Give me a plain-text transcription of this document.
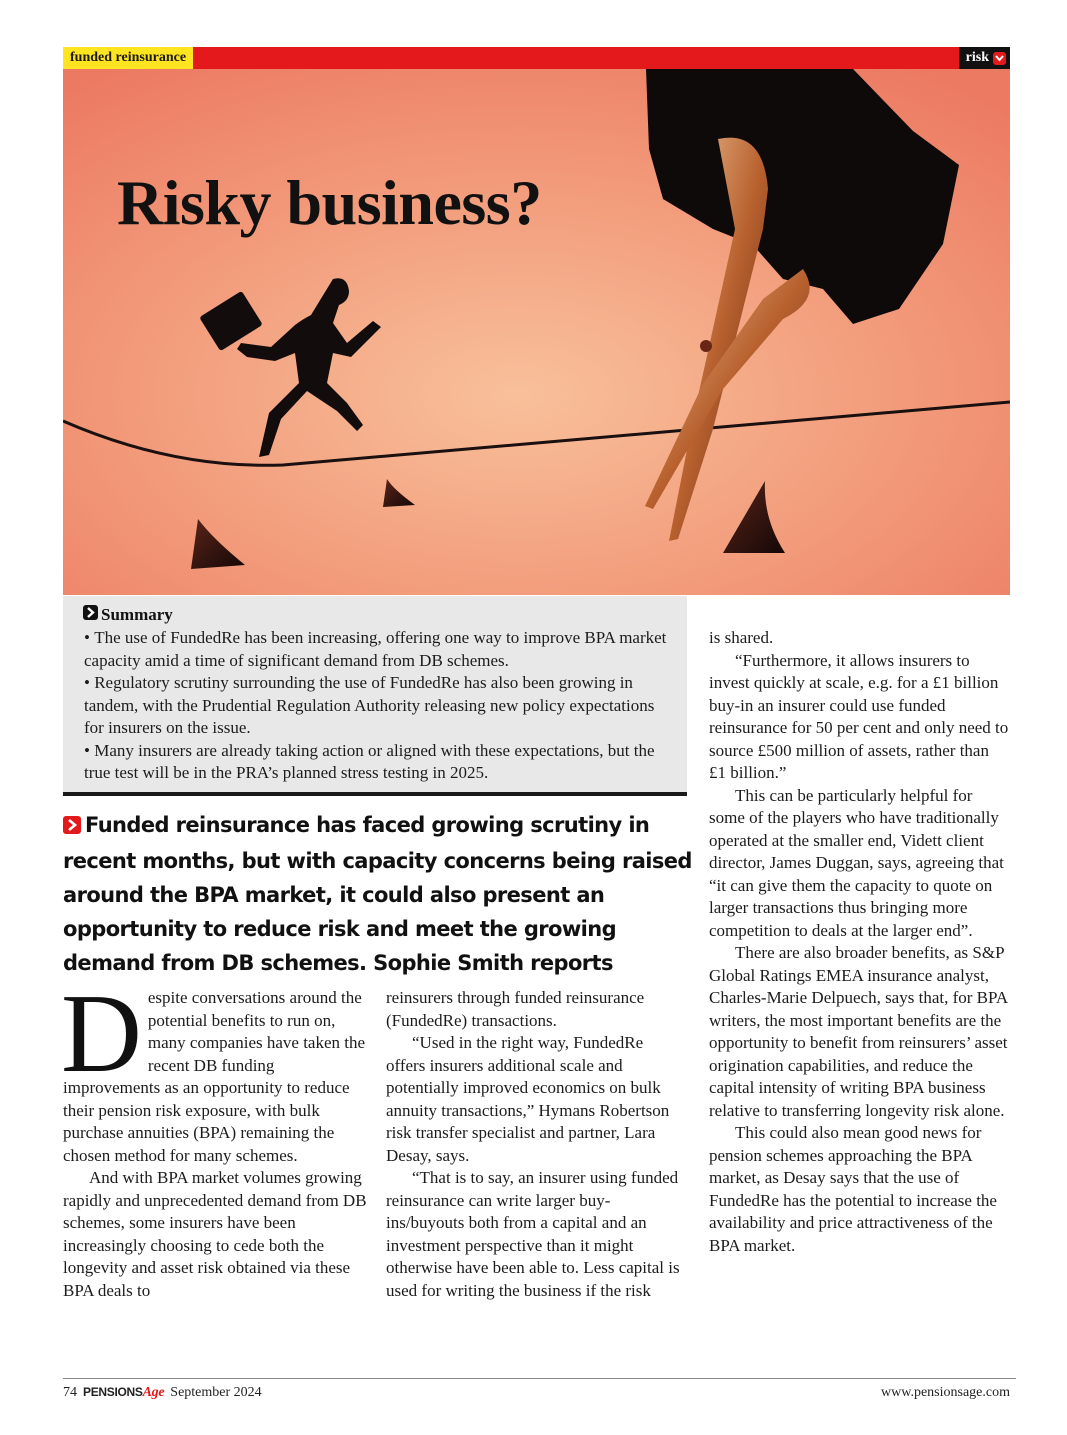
funded reinsurance	risk
Risky business?
Summary
• The use of FundedRe has been increasing, offering one way to improve BPA market capacity amid a time of significant demand from DB schemes.
• Regulatory scrutiny surrounding the use of FundedRe has also been growing in tandem, with the Prudential Regulation Authority releasing new policy expectations for insurers on the issue.
• Many insurers are already taking action or aligned with these expectations, but the true test will be in the PRA’s planned stress testing in 2025.

Funded reinsurance has faced growing scrutiny in recent months, but with capacity concerns being raised around the BPA market, it could also present an opportunity to reduce risk and meet the growing demand from DB schemes. Sophie Smith reports

D espite conversations around the potential benefits to run on, many companies have taken the recent DB funding improvements as an opportunity to reduce their pension risk exposure, with bulk purchase annuities (BPA) remaining the chosen method for many schemes.

And with BPA market volumes growing rapidly and unprecedented demand from DB schemes, some insurers have been increasingly choosing to cede both the longevity and asset risk obtained via these BPA deals to

reinsurers through funded reinsurance (FundedRe) transactions.

“Used in the right way, FundedRe offers insurers additional scale and potentially improved economics on bulk annuity transactions,” Hymans Robertson risk transfer specialist and partner, Lara Desay, says.

“That is to say, an insurer using funded reinsurance can write larger buy-ins/buyouts both from a capital and an investment perspective than it might otherwise have been able to. Less capital is used for writing the business if the risk

is shared.

“Furthermore, it allows insurers to invest quickly at scale, e.g. for a £1 billion buy-in an insurer could use funded reinsurance for 50 per cent and only need to source £500 million of assets, rather than £1 billion.”

This can be particularly helpful for some of the players who have traditionally operated at the smaller end, Vidett client director, James Duggan, says, agreeing that “it can give them the capacity to quote on larger transactions thus bringing more competition to deals at the larger end”.

There are also broader benefits, as S&P Global Ratings EMEA insurance analyst, Charles-Marie Delpuech, says that, for BPA writers, the most important benefits are the opportunity to benefit from reinsurers’ asset origination capabilities, and reduce the capital intensity of writing BPA business relative to transferring longevity risk alone.

This could also mean good news for pension schemes approaching the BPA market, as Desay says that the use of FundedRe has the potential to increase the availability and price attractiveness of the BPA market.

74 PENSIONSAge September 2024	www.pensionsage.com
